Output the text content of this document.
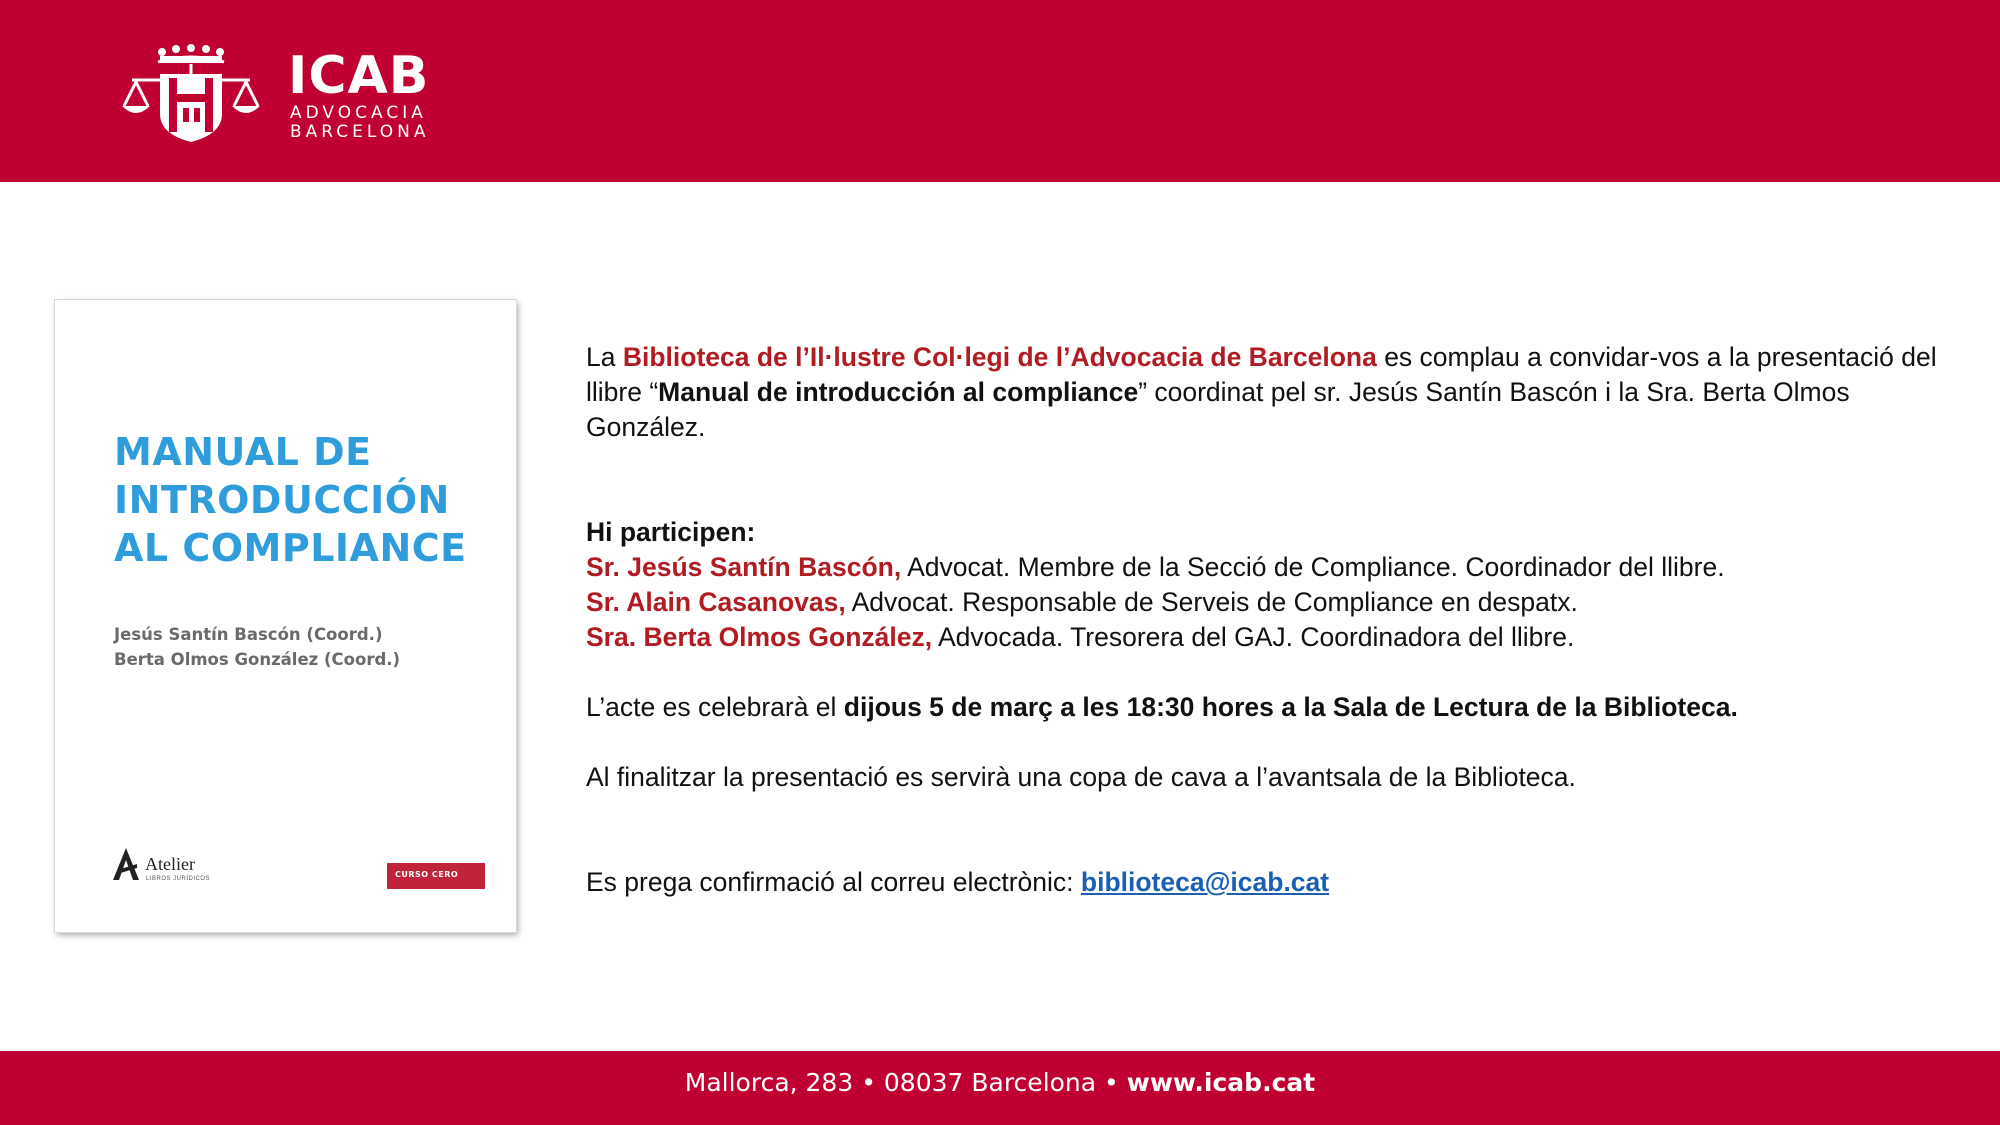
ICAB
ADVOCACIA
BARCELONA
MANUAL DE
INTRODUCCIÓN
AL COMPLIANCE
Jesús Santín Bascón (Coord.)
Berta Olmos González (Coord.)
Atelier
LIBROS JURÍDICOS	CURSO CERO

La Biblioteca de l’Il·lustre Col·legi de l’Advocacia de Barcelona es complau a convidar-vos a la presentació del llibre “Manual de introducción al compliance” coordinat pel sr. Jesús Santín Bascón i la Sra. Berta Olmos González.

Hi participen:
Sr. Jesús Santín Bascón, Advocat. Membre de la Secció de Compliance. Coordinador del llibre.
Sr. Alain Casanovas, Advocat. Responsable de Serveis de Compliance en despatx.
Sra. Berta Olmos González, Advocada. Tresorera del GAJ. Coordinadora del llibre.

L’acte es celebrarà el dijous 5 de març a les 18:30 hores a la Sala de Lectura de la Biblioteca.

Al finalitzar la presentació es servirà una copa de cava a l’avantsala de la Biblioteca.

Es prega confirmació al correu electrònic: biblioteca@icab.cat

Mallorca, 283 • 08037 Barcelona • www.icab.cat
